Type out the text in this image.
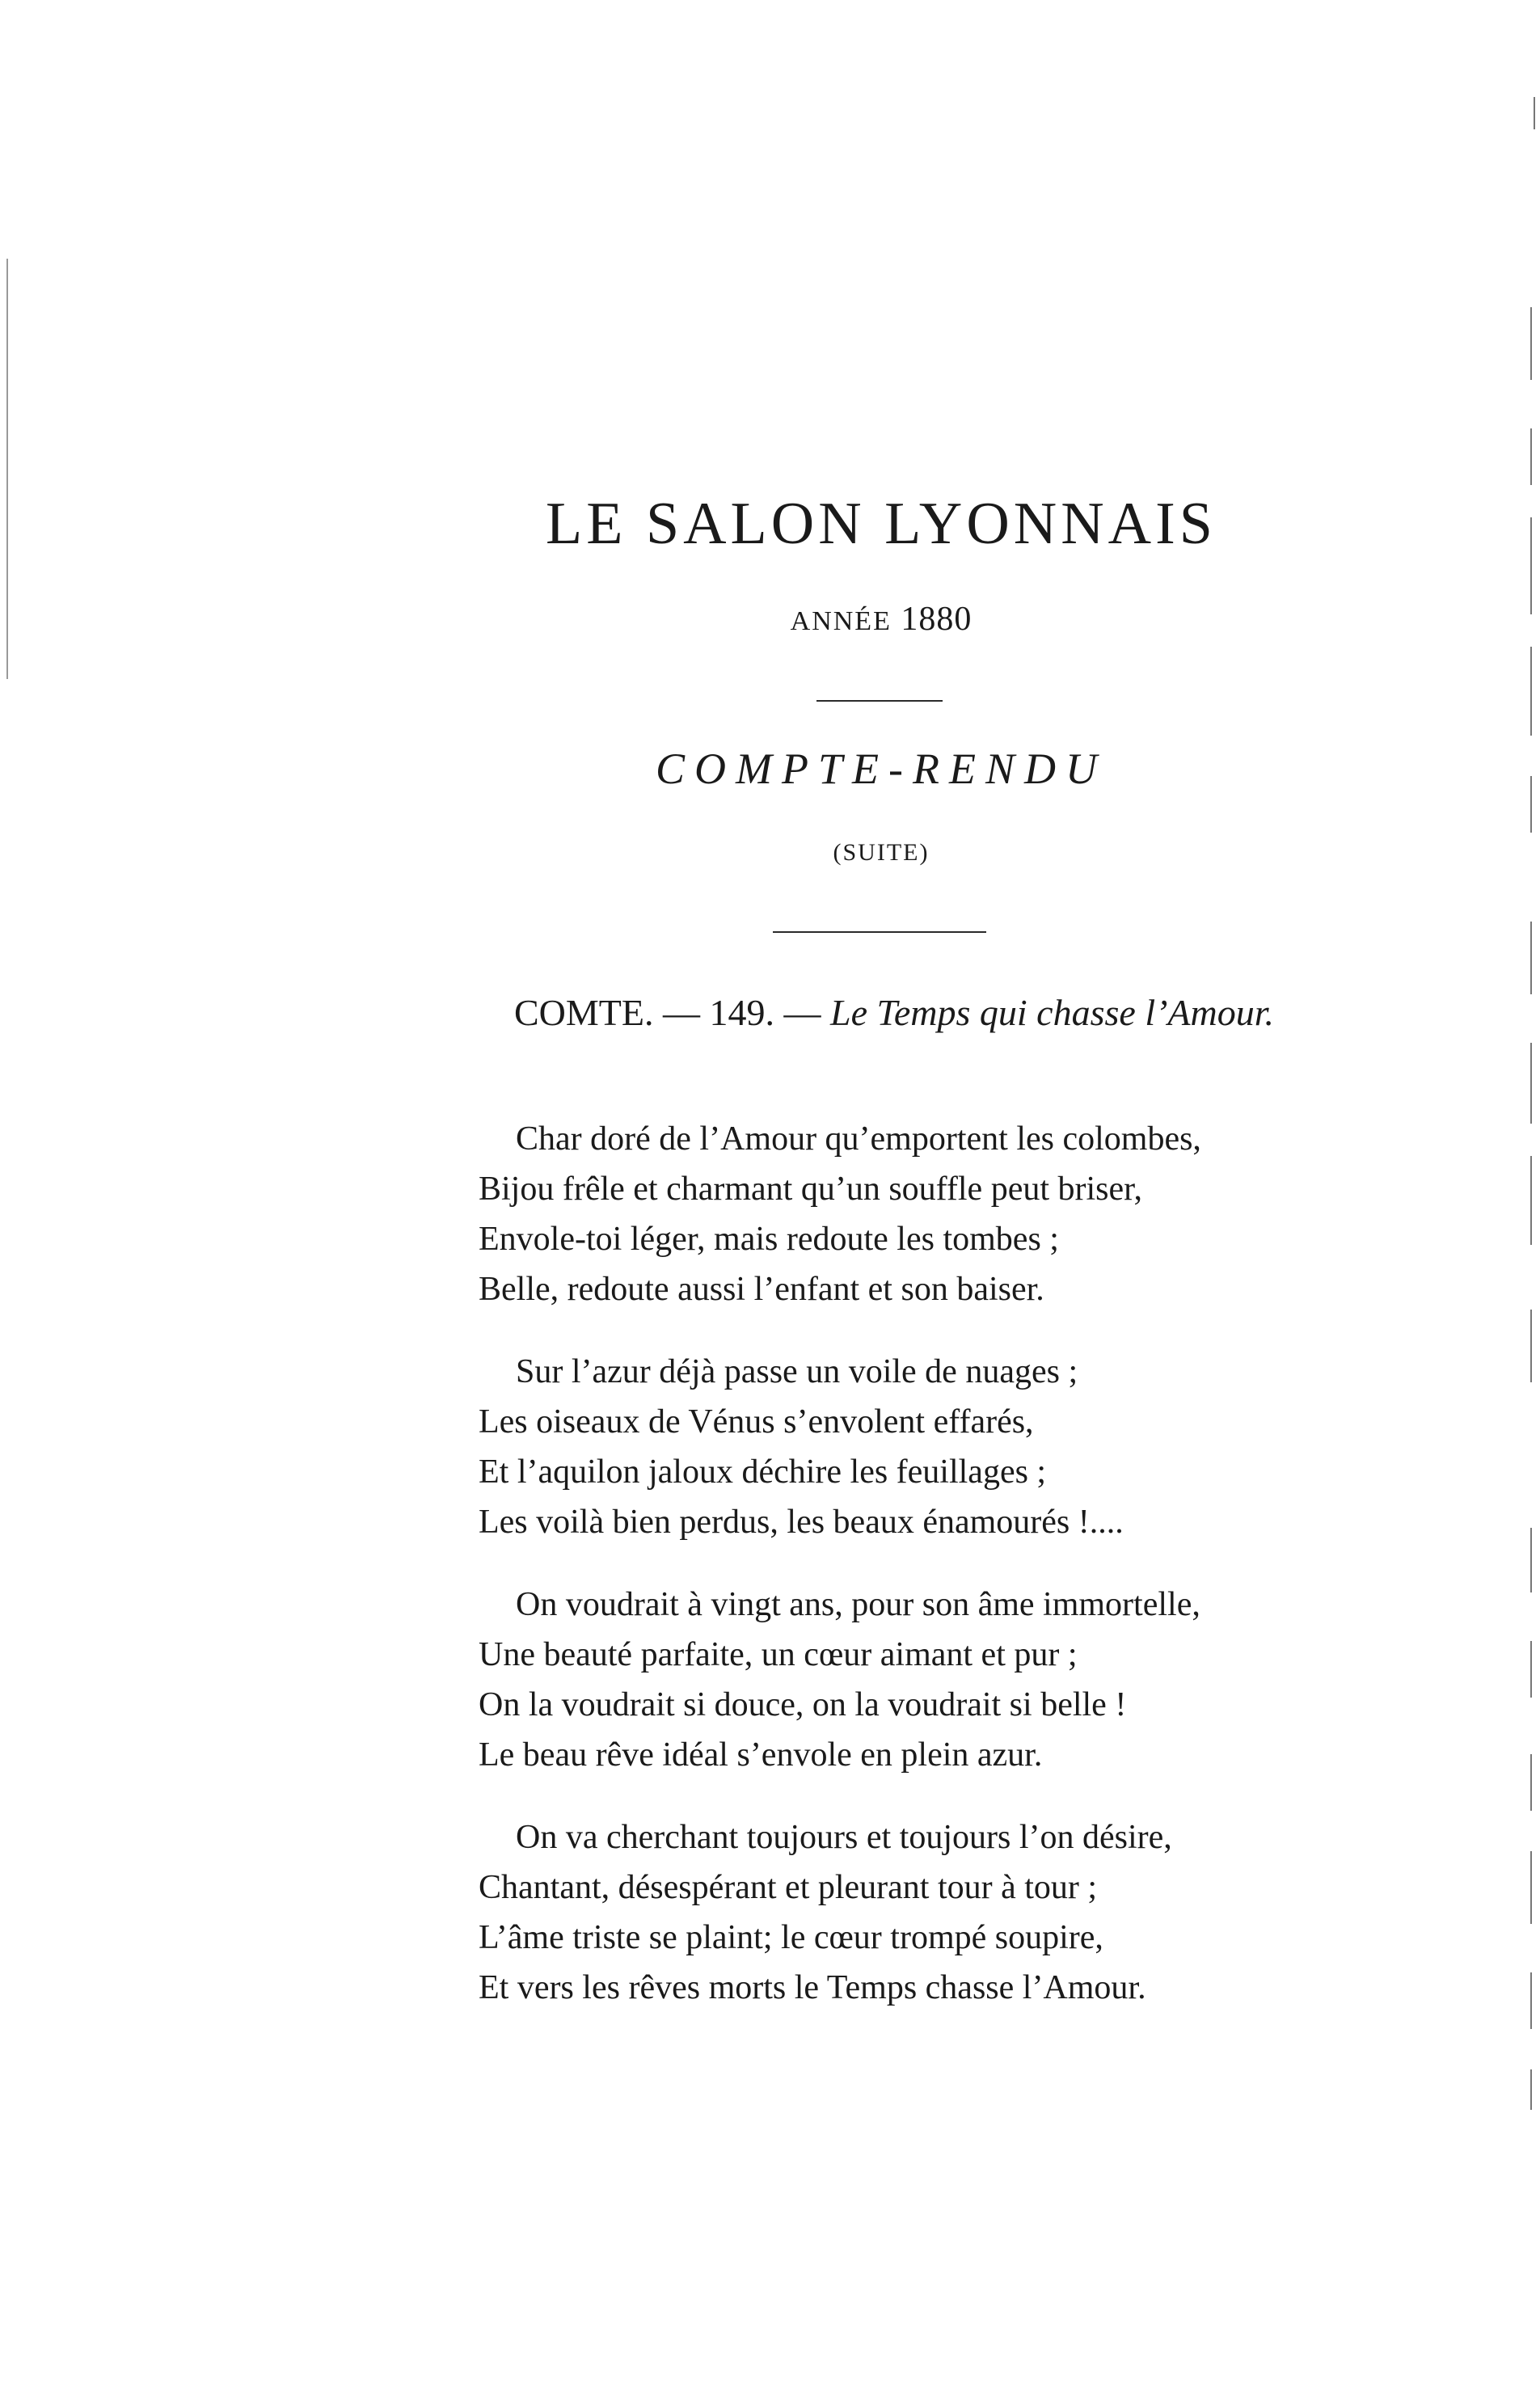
LE SALON LYONNAIS
ANNÉE 1880
COMPTE-RENDU
(SUITE)
COMTE. — 149. — Le Temps qui chasse l’Amour.
Char doré de l’Amour qu’emportent les colombes,
Bijou frêle et charmant qu’un souffle peut briser,
Envole-toi léger, mais redoute les tombes ;
Belle, redoute aussi l’enfant et son baiser.
Sur l’azur déjà passe un voile de nuages ;
Les oiseaux de Vénus s’envolent effarés,
Et l’aquilon jaloux déchire les feuillages ;
Les voilà bien perdus, les beaux énamourés !....
On voudrait à vingt ans, pour son âme immortelle,
Une beauté parfaite, un cœur aimant et pur ;
On la voudrait si douce, on la voudrait si belle !
Le beau rêve idéal s’envole en plein azur.
On va cherchant toujours et toujours l’on désire,
Chantant, désespérant et pleurant tour à tour ;
L’âme triste se plaint; le cœur trompé soupire,
Et vers les rêves morts le Temps chasse l’Amour.
